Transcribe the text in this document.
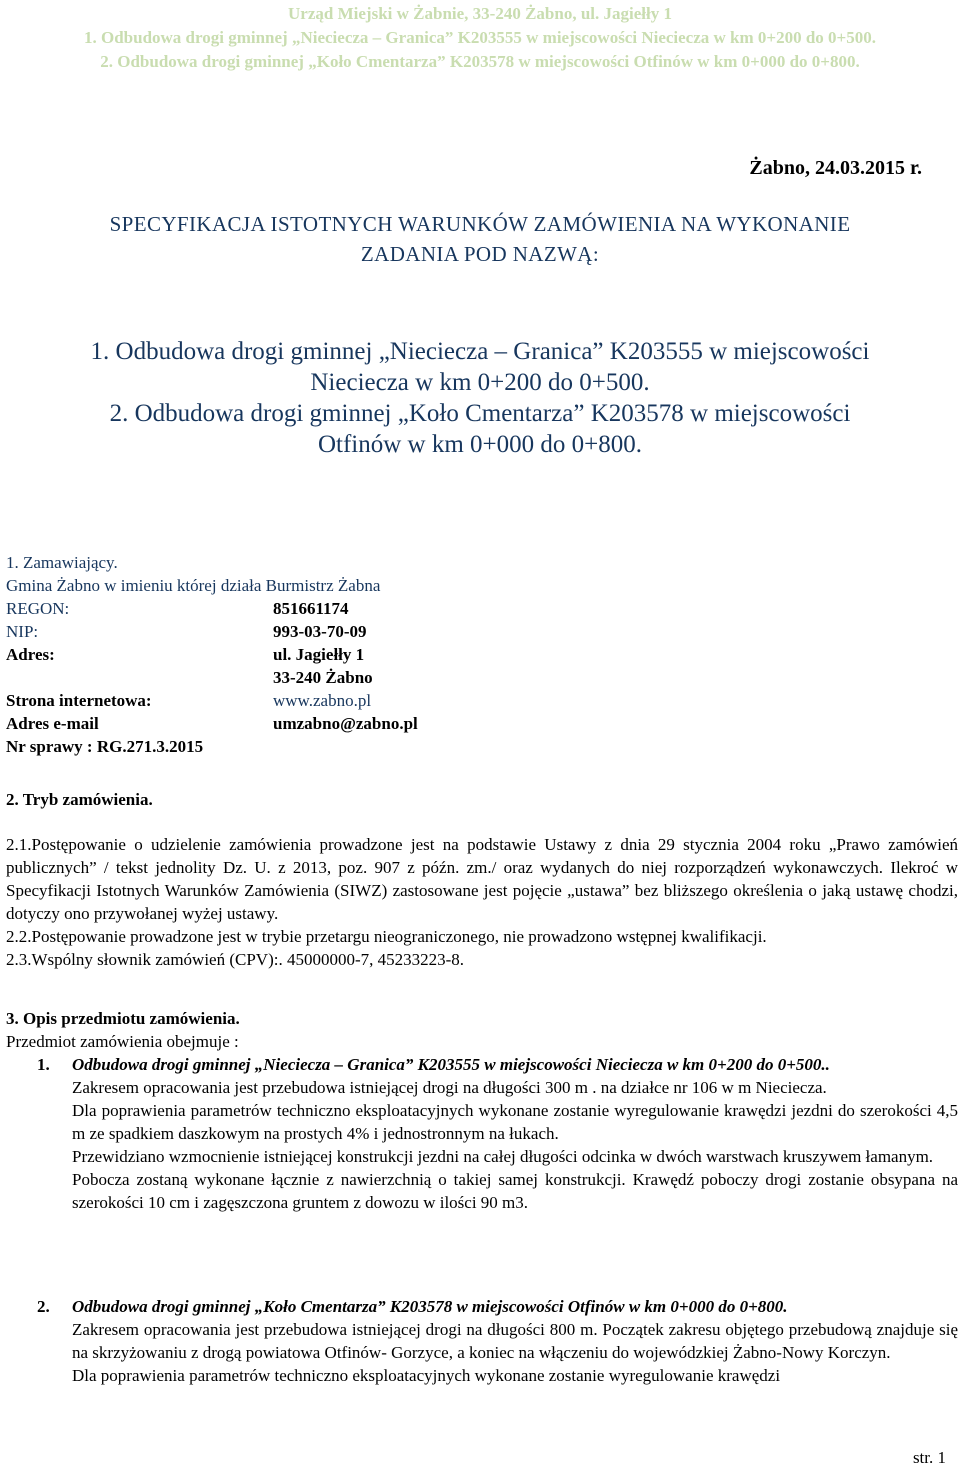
Urząd Miejski w Żabnie, 33-240 Żabno, ul. Jagiełły 1
1. Odbudowa drogi gminnej „Niecieczа – Granica” K203555 w miejscowości Niecieczа w km 0+200 do 0+500.
2. Odbudowa drogi gminnej „Koło Cmentarza” K203578 w miejscowości Otfinów w km 0+000 do 0+800.
Żabno, 24.03.2015 r.
SPECYFIKACJA ISTOTNYCH WARUNKÓW ZAMÓWIENIA NA WYKONANIE
ZADANIA POD NAZWĄ:
1. Odbudowa drogi gminnej „Niecieczа – Granica” K203555 w miejscowości
Niecieczа w km 0+200 do 0+500.
2. Odbudowa drogi gminnej „Koło Cmentarza” K203578 w miejscowości
Otfinów w km 0+000 do 0+800.
1. Zamawiający.
Gmina Żabno w imieniu której działa Burmistrz Żabna
REGON:	851661174
NIP:	993-03-70-09
Adres:	ul. Jagiełły 1
33-240 Żabno
Strona internetowa:	www.zabno.pl
Adres e-mail	umzabno@zabno.pl
Nr sprawy : RG.271.3.2015
2. Tryb zamówienia.

2.1.Postępowanie o udzielenie zamówienia prowadzone jest na podstawie Ustawy z dnia 29 stycznia 2004 roku „Prawo zamówień publicznych” / tekst jednolity Dz. U. z 2013, poz. 907 z późn. zm./ oraz wydanych do niej rozporządzeń wykonawczych. Ilekroć w Specyfikacji Istotnych Warunków Zamówienia (SIWZ) zastosowane jest pojęcie „ustawa” bez bliższego określenia o jaką ustawę chodzi, dotyczy ono przywołanej wyżej ustawy.

2.2.Postępowanie prowadzone jest w trybie przetargu nieograniczonego, nie prowadzono wstępnej kwalifikacji.

2.3.Wspólny słownik zamówień (CPV):. 45000000-7, 45233223-8.

3. Opis przedmiotu zamówienia.
Przedmiot zamówienia obejmuje :
1. Odbudowa drogi gminnej „Niecieczа – Granica” K203555 w miejscowości Niecieczа w km 0+200 do 0+500..

Zakresem opracowania jest przebudowa istniejącej drogi na długości 300 m . na działce nr 106 w m Niecieczа.

Dla poprawienia parametrów techniczno eksploatacyjnych wykonane zostanie wyregulowanie krawędzi jezdni do szerokości 4,5 m ze spadkiem daszkowym na prostych 4% i jednostronnym na łukach.

Przewidziano wzmocnienie istniejącej konstrukcji jezdni na całej długości odcinka w dwóch warstwach kruszywem łamanym.

Pobocza zostaną wykonane łącznie z nawierzchnią o takiej samej konstrukcji. Krawędź poboczy drogi zostanie obsypana na szerokości 10 cm i zagęszczona gruntem z dowozu w ilości 90 m3.

2. Odbudowa drogi gminnej „Koło Cmentarza” K203578 w miejscowości Otfinów w km 0+000 do 0+800.

Zakresem opracowania jest przebudowa istniejącej drogi na długości 800 m. Początek zakresu objętego przebudową znajduje się na skrzyżowaniu z drogą powiatowa Otfinów- Gorzyce, a koniec na włączeniu do wojewódzkiej Żabno-Nowy Korczyn.

Dla poprawienia parametrów techniczno eksploatacyjnych wykonane zostanie wyregulowanie krawędzi

str. 1
